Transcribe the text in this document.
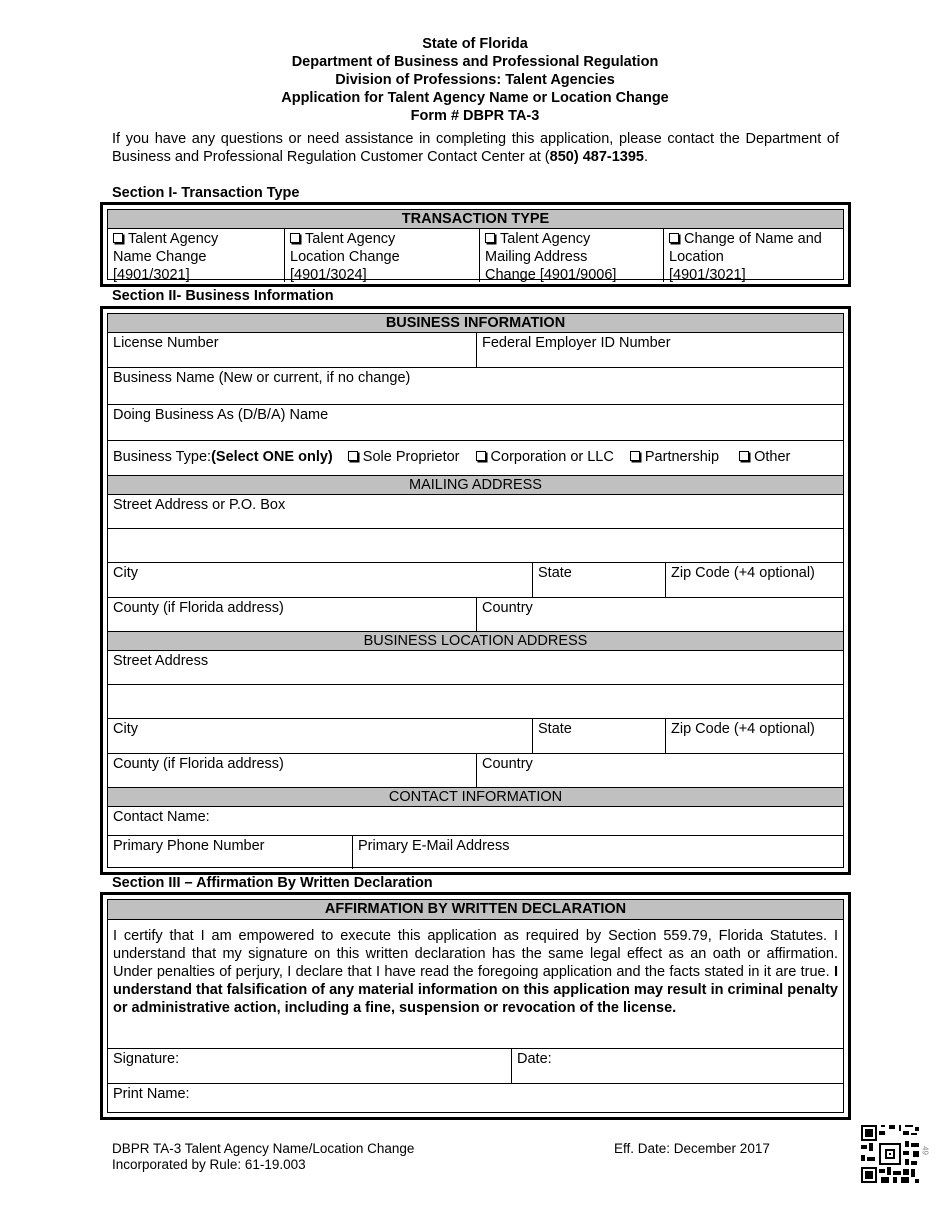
State of Florida
Department of Business and Professional Regulation
Division of Professions: Talent Agencies
Application for Talent Agency Name or Location Change
Form # DBPR TA-3
If you have any questions or need assistance in completing this application, please contact the Department of Business and Professional Regulation Customer Contact Center at (850) 487-1395.
Section I- Transaction Type
TRANSACTION TYPE
Talent Agency
Name Change
[4901/3021]
Talent Agency
Location Change
[4901/3024]
Talent Agency
Mailing Address
Change [4901/9006]
Change of Name and
Location
[4901/3021]
Section II- Business Information
BUSINESS INFORMATION
License Number	Federal Employer ID Number
Business Name (New or current, if no change)
Doing Business As (D/B/A) Name
Business Type:(Select ONE only) Sole Proprietor Corporation or LLC Partnership Other
MAILING ADDRESS
Street Address or P.O. Box
City	State	Zip Code (+4 optional)
County (if Florida address)	Country
BUSINESS LOCATION ADDRESS
Street Address
City	State	Zip Code (+4 optional)
County (if Florida address)	Country
CONTACT INFORMATION
Contact Name:
Primary Phone Number	Primary E-Mail Address
Section III – Affirmation By Written Declaration
AFFIRMATION BY WRITTEN DECLARATION
I certify that I am empowered to execute this application as required by Section 559.79, Florida Statutes. I understand that my signature on this written declaration has the same legal effect as an oath or affirmation. Under penalties of perjury, I declare that I have read the foregoing application and the facts stated in it are true. I understand that falsification of any material information on this application may result in criminal penalty or administrative action, including a fine, suspension or revocation of the license.
Signature:	Date:
Print Name:
DBPR TA-3 Talent Agency Name/Location Change
Incorporated by Rule: 61-19.003
Eff. Date: December 2017	49
